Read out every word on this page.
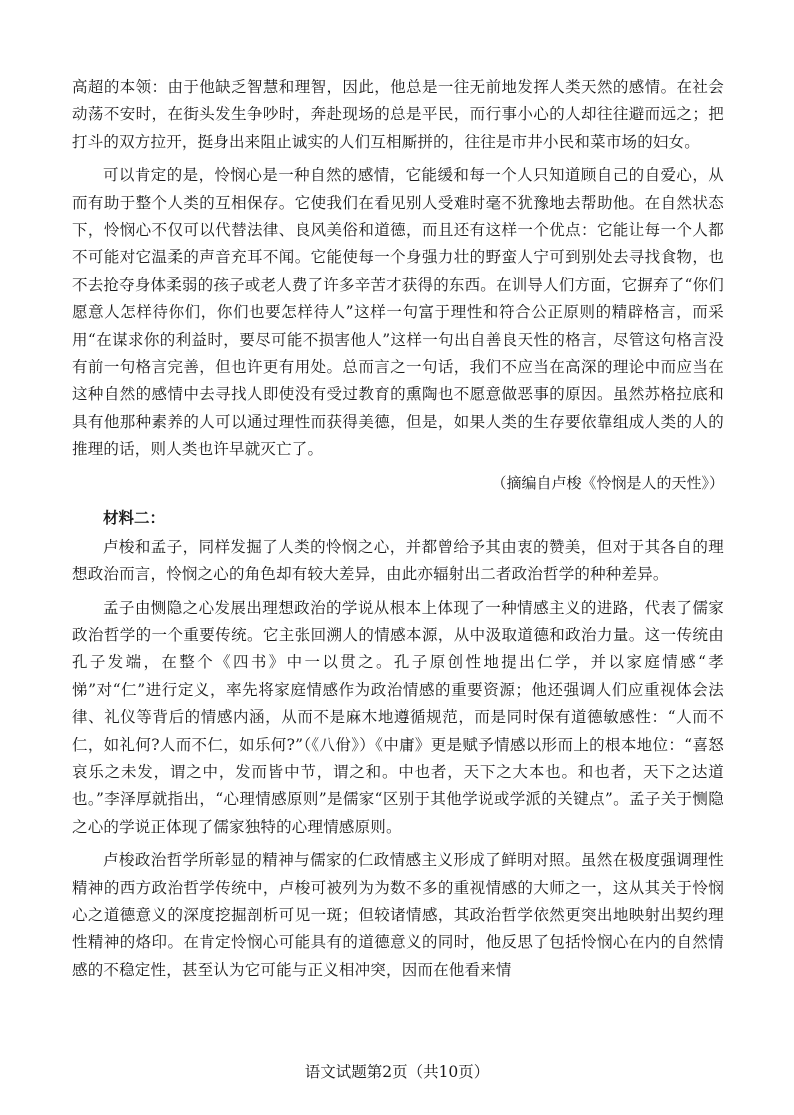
高超的本领：由于他缺乏智慧和理智，因此，他总是一往无前地发挥人类天然的感情。在社会动荡不安时，在街头发生争吵时，奔赴现场的总是平民，而行事小心的人却往往避而远之；把打斗的双方拉开，挺身出来阻止诚实的人们互相厮拼的，往往是市井小民和菜市场的妇女。

可以肯定的是，怜悯心是一种自然的感情，它能缓和每一个人只知道顾自己的自爱心，从而有助于整个人类的互相保存。它使我们在看见别人受难时毫不犹豫地去帮助他。在自然状态下，怜悯心不仅可以代替法律、良风美俗和道德，而且还有这样一个优点：它能让每一个人都不可能对它温柔的声音充耳不闻。它能使每一个身强力壮的野蛮人宁可到别处去寻找食物，也不去抢夺身体柔弱的孩子或老人费了许多辛苦才获得的东西。在训导人们方面，它摒弃了“你们愿意人怎样待你们，你们也要怎样待人”这样一句富于理性和符合公正原则的精辟格言，而采用“在谋求你的利益时，要尽可能不损害他人”这样一句出自善良天性的格言，尽管这句格言没有前一句格言完善，但也许更有用处。总而言之一句话，我们不应当在高深的理论中而应当在这种自然的感情中去寻找人即使没有受过教育的熏陶也不愿意做恶事的原因。虽然苏格拉底和具有他那种素养的人可以通过理性而获得美德，但是，如果人类的生存要依靠组成人类的人的推理的话，则人类也许早就灭亡了。

（摘编自卢梭《怜悯是人的天性》）
材料二：

卢梭和孟子，同样发掘了人类的怜悯之心，并都曾给予其由衷的赞美，但对于其各自的理想政治而言，怜悯之心的角色却有较大差异，由此亦辐射出二者政治哲学的种种差异。

孟子由恻隐之心发展出理想政治的学说从根本上体现了一种情感主义的进路，代表了儒家政治哲学的一个重要传统。它主张回溯人的情感本源，从中汲取道德和政治力量。这一传统由孔子发端，在整个《四书》中一以贯之。孔子原创性地提出仁学，并以家庭情感“孝悌”对“仁”进行定义，率先将家庭情感作为政治情感的重要资源；他还强调人们应重视体会法律、礼仪等背后的情感内涵，从而不是麻木地遵循规范，而是同时保有道德敏感性：“人而不仁，如礼何?人而不仁，如乐何?”（《八佾》）《中庸》更是赋予情感以形而上的根本地位：“喜怒哀乐之未发，谓之中，发而皆中节，谓之和。中也者，天下之大本也。和也者，天下之达道也。”李泽厚就指出，“心理情感原则”是儒家“区别于其他学说或学派的关键点”。孟子关于恻隐之心的学说正体现了儒家独特的心理情感原则。

卢梭政治哲学所彰显的精神与儒家的仁政情感主义形成了鲜明对照。虽然在极度强调理性精神的西方政治哲学传统中，卢梭可被列为为数不多的重视情感的大师之一，这从其关于怜悯心之道德意义的深度挖掘剖析可见一斑；但较诸情感，其政治哲学依然更突出地映射出契约理性精神的烙印。在肯定怜悯心可能具有的道德意义的同时，他反思了包括怜悯心在内的自然情感的不稳定性，甚至认为它可能与正义相冲突，因而在他看来情

语文试题第2页（共10页）
